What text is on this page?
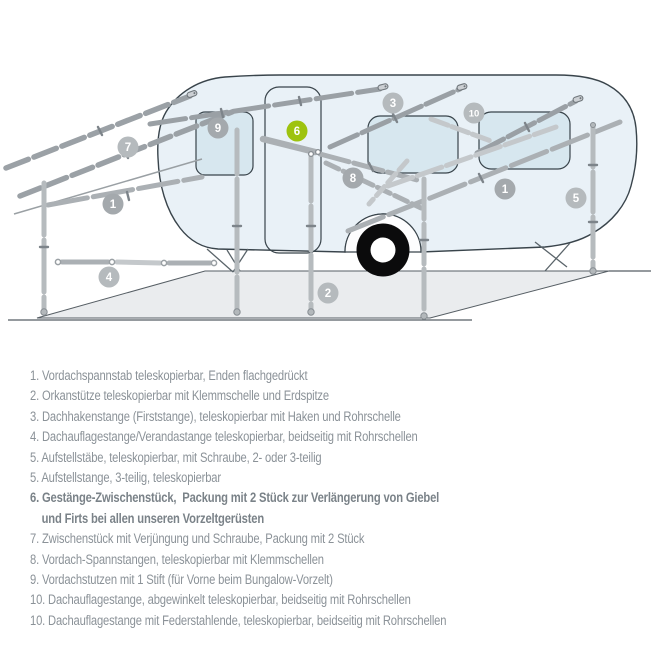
7
9	6
3
10
8
1
1
5
4
2
1. Vordachspannstab teleskopierbar, Enden flachgedrückt
2. Orkanstütze teleskopierbar mit Klemmschelle und Erdspitze
3. Dachhakenstange (Firststange), teleskopierbar mit Haken und Rohrschelle
4. Dachauflagestange/Verandastange teleskopierbar, beidseitig mit Rohrschellen
5. Aufstellstäbe, teleskopierbar, mit Schraube, 2- oder 3-teilig
5. Aufstellstange, 3-teilig, teleskopierbar
6. Gestänge-Zwischenstück,  Packung mit 2 Stück zur Verlängerung von Giebel
und Firts bei allen unseren Vorzeltgerüsten
7. Zwischenstück mit Verjüngung und Schraube, Packung mit 2 Stück
8. Vordach-Spannstangen, teleskopierbar mit Klemmschellen
9. Vordachstutzen mit 1 Stift (für Vorne beim Bungalow-Vorzelt)
10. Dachauflagestange, abgewinkelt teleskopierbar, beidseitig mit Rohrschellen
10. Dachauflagestange mit Federstahlende, teleskopierbar, beidseitig mit Rohrschellen
